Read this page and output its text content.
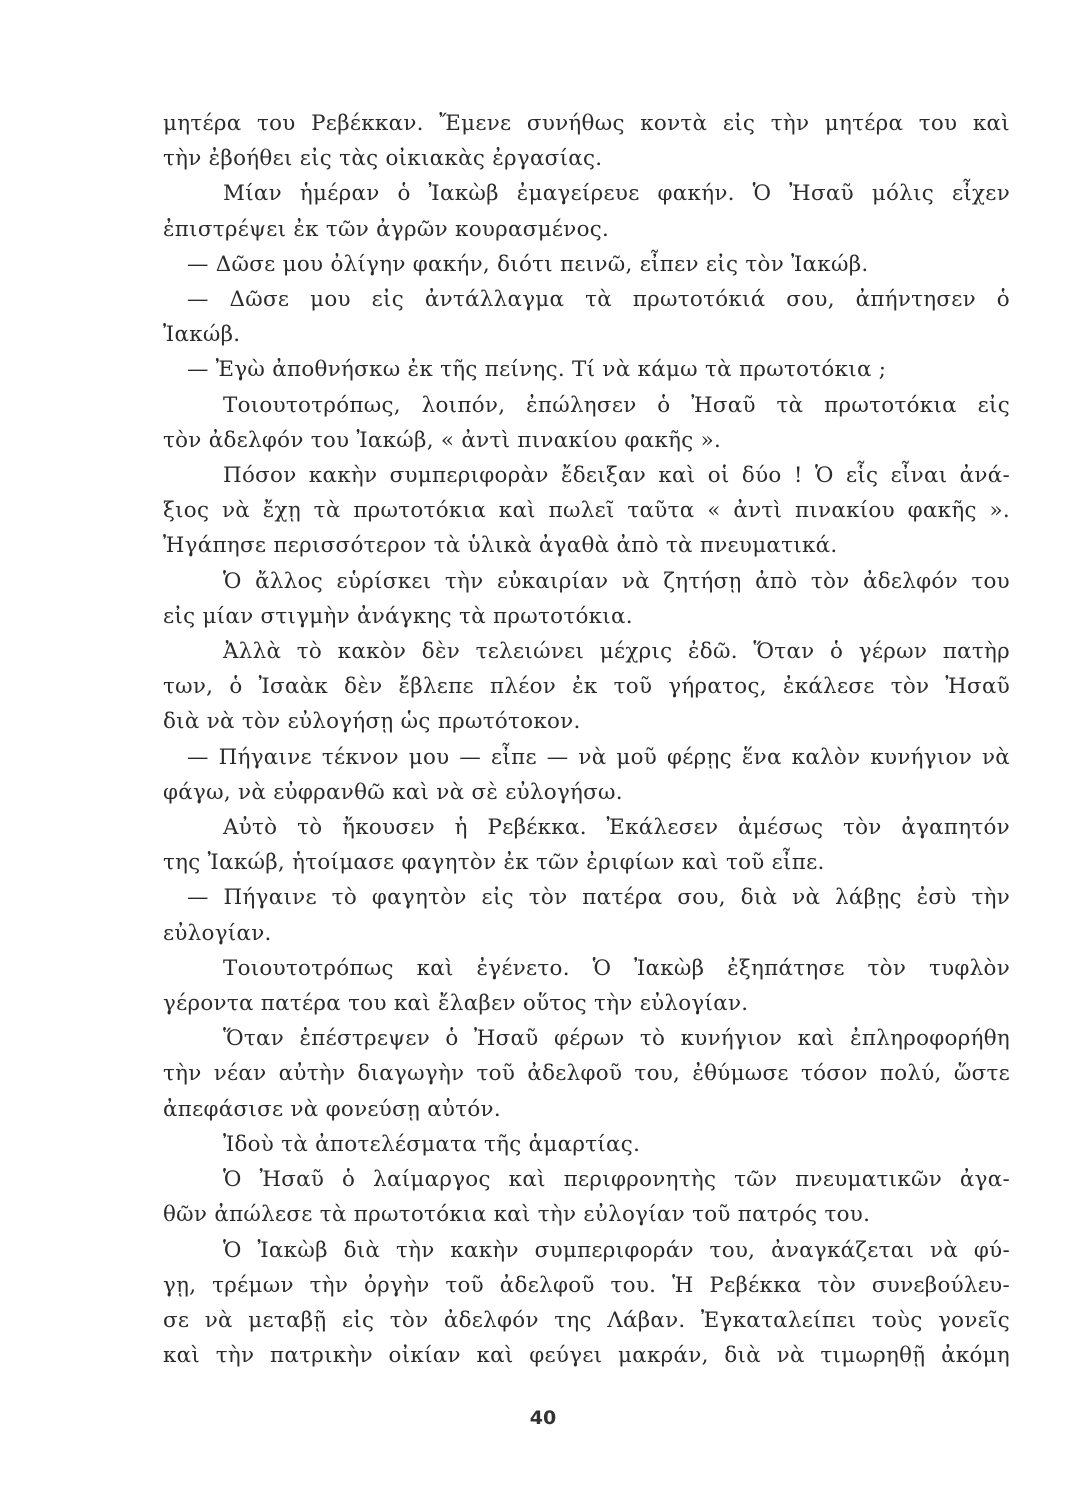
μητέρα του Ρεβέκκαν. Ἔμενε συνήθως κοντὰ εἰς τὴν μητέρα του καὶ
τὴν ἐβοήθει εἰς τὰς οἰκιακὰς ἐργασίας.
Μίαν ἡμέραν ὁ Ἰακὼβ ἐμαγείρευε φακήν. Ὁ Ἠσαῦ μόλις εἶχεν
ἐπιστρέψει ἐκ τῶν ἀγρῶν κουρασμένος.
— Δῶσε μου ὀλίγην φακήν, διότι πεινῶ, εἶπεν εἰς τὸν Ἰακώβ.
— Δῶσε μου εἰς ἀντάλλαγμα τὰ πρωτοτόκιά σου, ἀπήντησεν ὁ
Ἰακώβ.
— Ἐγὼ ἀποθνήσκω ἐκ τῆς πείνης. Τί νὰ κάμω τὰ πρωτοτόκια ;
Τοιουτοτρόπως, λοιπόν, ἐπώλησεν ὁ Ἠσαῦ τὰ πρωτοτόκια εἰς
τὸν ἀδελφόν του Ἰακώβ, « ἀντὶ πινακίου φακῆς ».
Πόσον κακὴν συμπεριφορὰν ἔδειξαν καὶ οἱ δύο ! Ὁ εἷς εἶναι ἀνά-
ξιος νὰ ἔχῃ τὰ πρωτοτόκια καὶ πωλεῖ ταῦτα « ἀντὶ πινακίου φακῆς ».
Ἠγάπησε περισσότερον τὰ ὑλικὰ ἀγαθὰ ἀπὸ τὰ πνευματικά.
Ὁ ἄλλος εὑρίσκει τὴν εὐκαιρίαν νὰ ζητήσῃ ἀπὸ τὸν ἀδελφόν του
εἰς μίαν στιγμὴν ἀνάγκης τὰ πρωτοτόκια.
Ἀλλὰ τὸ κακὸν δὲν τελειώνει μέχρις ἐδῶ. Ὅταν ὁ γέρων πατὴρ
των, ὁ Ἰσαὰκ δὲν ἔβλεπε πλέον ἐκ τοῦ γήρατος, ἐκάλεσε τὸν Ἠσαῦ
διὰ νὰ τὸν εὐλογήσῃ ὡς πρωτότοκον.
— Πήγαινε τέκνον μου — εἶπε — νὰ μοῦ φέρῃς ἕνα καλὸν κυνήγιον νὰ
φάγω, νὰ εὐφρανθῶ καὶ νὰ σὲ εὐλογήσω.
Αὐτὸ τὸ ἤκουσεν ἡ Ρεβέκκα. Ἐκάλεσεν ἀμέσως τὸν ἀγαπητόν
της Ἰακώβ, ἡτοίμασε φαγητὸν ἐκ τῶν ἐριφίων καὶ τοῦ εἶπε.
— Πήγαινε τὸ φαγητὸν εἰς τὸν πατέρα σου, διὰ νὰ λάβῃς ἐσὺ τὴν
εὐλογίαν.
Τοιουτοτρόπως καὶ ἐγένετο. Ὁ Ἰακὼβ ἐξηπάτησε τὸν τυφλὸν
γέροντα πατέρα του καὶ ἔλαβεν οὕτος τὴν εὐλογίαν.
Ὅταν ἐπέστρεψεν ὁ Ἠσαῦ φέρων τὸ κυνήγιον καὶ ἐπληροφορήθη
τὴν νέαν αὐτὴν διαγωγὴν τοῦ ἀδελφοῦ του, ἐθύμωσε τόσον πολύ, ὥστε
ἀπεφάσισε νὰ φονεύσῃ αὐτόν.
Ἰδοὺ τὰ ἀποτελέσματα τῆς ἁμαρτίας.
Ὁ Ἠσαῦ ὁ λαίμαργος καὶ περιφρονητὴς τῶν πνευματικῶν ἀγα-
θῶν ἀπώλεσε τὰ πρωτοτόκια καὶ τὴν εὐλογίαν τοῦ πατρός του.
Ὁ Ἰακὼβ διὰ τὴν κακὴν συμπεριφοράν του, ἀναγκάζεται νὰ φύ-
γῃ, τρέμων τὴν ὀργὴν τοῦ ἀδελφοῦ του. Ἡ Ρεβέκκα τὸν συνεβούλευ-
σε νὰ μεταβῇ εἰς τὸν ἀδελφόν της Λάβαν. Ἐγκαταλείπει τοὺς γονεῖς
καὶ τὴν πατρικὴν οἰκίαν καὶ φεύγει μακράν, διὰ νὰ τιμωρηθῇ ἀκόμη
40
